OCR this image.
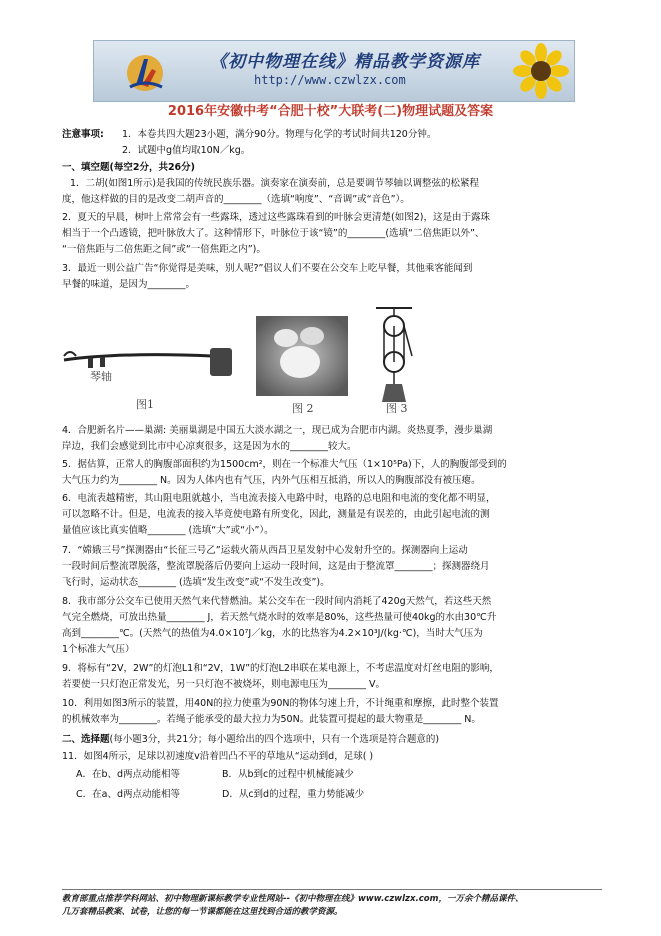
《初中物理在线》精品教学资源库
http://www.czwlzx.com
2016年安徽中考“合肥十校”大联考(二)物理试题及答案
注意事项: 1．本卷共四大题23小题，满分90分。物理与化学的考试时间共120分钟。
2．试题中g值均取10N／kg。
一、填空题(每空2分，共26分)
1．二胡(如图1所示)是我国的传统民族乐器。演奏家在演奏前，总是要调节琴轴以调整弦的松紧程
度，他这样做的目的是改变二胡声音的________（选填“响度”、“音调”或“音色”）。
2．夏天的早晨，树叶上常常会有一些露珠，透过这些露珠看到的叶脉会更清楚(如图2)，这是由于露珠
相当于一个凸透镜，把叶脉放大了。这种情形下，叶脉位于该“镜”的________(选填“二倍焦距以外”、
“一倍焦距与二倍焦距之间”或“一倍焦距之内”)。
3．最近一则公益广告“你觉得是美味，别人呢?”倡议人们不要在公交车上吃早餐，其他乘客能闻到
早餐的味道，是因为________。
琴轴
图1	图 2	图 3
4．合肥新名片——巢湖: 美丽巢湖是中国五大淡水湖之一，现已成为合肥市内湖。炎热夏季，漫步巢湖
岸边，我们会感觉到比市中心凉爽很多，这是因为水的________较大。
5．据估算，正常人的胸腹部面积约为1500cm²，则在一个标准大气压（1×10⁵Pa)下，人的胸腹部受到的
大气压力约为________ N。因为人体内也有气压，内外气压相互抵消，所以人的胸腹部没有被压瘪。
6．电流表越精密，其山阻电阻就越小，当电流表接入电路中时，电路的总电阻和电流的变化都不明显，
可以忽略不计。但是，电流表的接入毕竟使电路有所变化，因此，测量是有误差的，由此引起电流的测
量值应该比真实值略________ (选填“大”或“小”）。
7．“嫦娥三号”探测器由“长征三号乙”运载火箭从西昌卫星发射中心发射升空的。探测器向上运动
一段时间后整流罩脱落，整流罩脱落后仍要向上运动一段时间，这是由于整流罩________；探测器绕月
飞行时，运动状态________ (选填“发生改变”或“不发生改变”)。
8．我市部分公交车已使用天然气来代替燃油。某公交车在一段时间内消耗了420g天然气，若这些天然
气完全燃烧，可放出热量________ J，若天然气烧水时的效率是80%，这些热量可使40kg的水由30℃升
高到________℃。(天然气的热值为4.0×10⁷J／kg，水的比热容为4.2×10³J/(kg·℃)，当时大气压为
1个标准大气压）
9．将标有“2V，2W”的灯泡L1和“2V，1W”的灯泡L2串联在某电源上，不考虑温度对灯丝电阻的影响，
若要使一只灯泡正常发光，另一只灯泡不被烧坏，则电源电压为________ V。
10．利用如图3所示的装置，用40N的拉力使重为90N的物体匀速上升，不计绳重和摩擦，此时整个装置
的机械效率为________。若绳子能承受的最大拉力为50N。此装置可提起的最大物重是________ N。
二、选择题(每小题3分，共21分；每小题给出的四个选项中，只有一个选项是符合题意的)
11．如图4所示，足球以初速度v沿着凹凸不平的草地从“运动到d，足球( )
A．在b、d两点动能相等	B．从b到c的过程中机械能减少
C．在a、d两点动能相等	D．从c到d的过程，重力势能减少
教育部重点推荐学科网站、初中物理新课标教学专业性网站--《初中物理在线》www.czwlzx.com，一万余个精品课件、
几万套精品教案、试卷，让您的每一节课都能在这里找到合适的教学资源。
